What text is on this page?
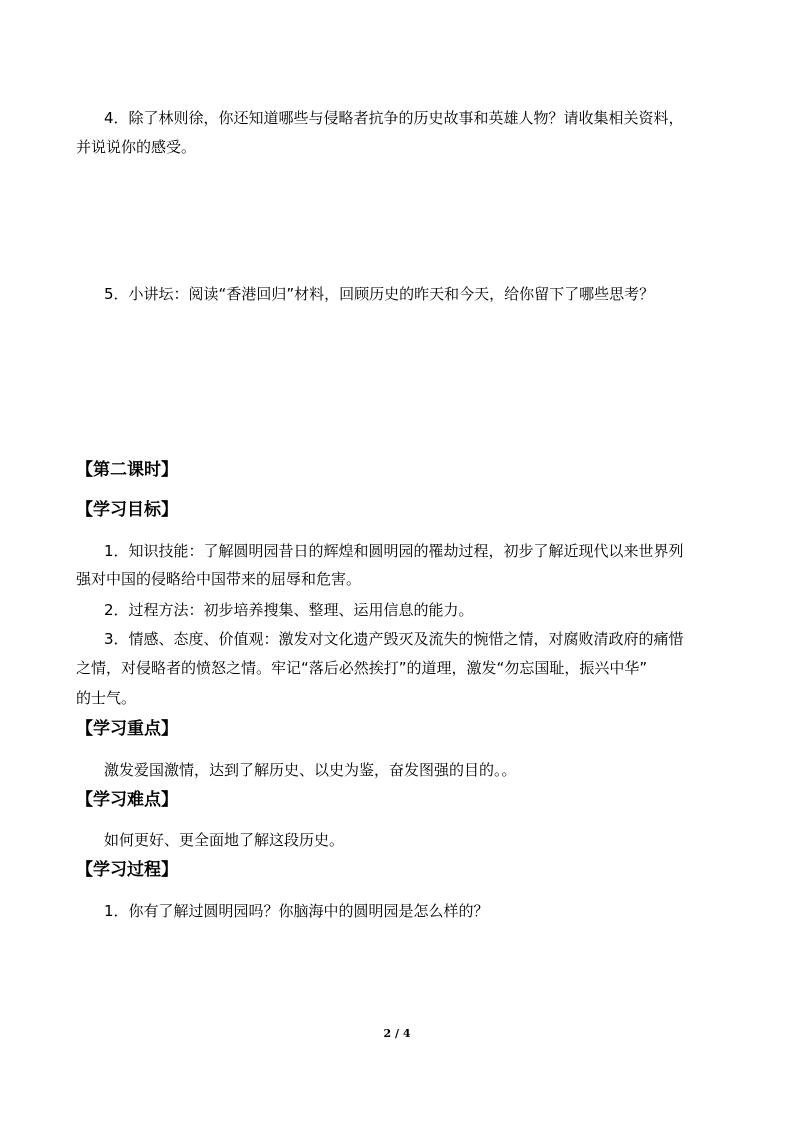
4．除了林则徐，你还知道哪些与侵略者抗争的历史故事和英雄人物？请收集相关资料，
并说说你的感受。
5．小讲坛：阅读“香港回归”材料，回顾历史的昨天和今天，给你留下了哪些思考？
【第二课时】
【学习目标】
1．知识技能：了解圆明园昔日的辉煌和圆明园的罹劫过程，初步了解近现代以来世界列
强对中国的侵略给中国带来的屈辱和危害。
2．过程方法：初步培养搜集、整理、运用信息的能力。
3．情感、态度、价值观：激发对文化遗产毁灭及流失的惋惜之情，对腐败清政府的痛惜
之情，对侵略者的愤怒之情。牢记“落后必然挨打”的道理，激发“勿忘国耻，振兴中华”
的士气。
【学习重点】
激发爱国激情，达到了解历史、以史为鉴，奋发图强的目的。。
【学习难点】
如何更好、更全面地了解这段历史。
【学习过程】
1．你有了解过圆明园吗？你脑海中的圆明园是怎么样的？
2 / 4
